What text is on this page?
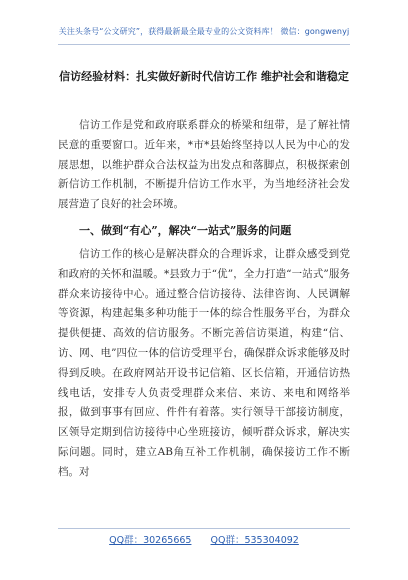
关注头条号“公文研究”，获得最新最全最专业的公文资料库！ 微信：gongwenyj
信访经验材料：扎实做好新时代信访工作 维护社会和谐稳定

信访工作是党和政府联系群众的桥梁和纽带，是了解社情民意的重要窗口。近年来，*市*县始终坚持以人民为中心的发展思想，以维护群众合法权益为出发点和落脚点，积极探索创新信访工作机制，不断提升信访工作水平，为当地经济社会发展营造了良好的社会环境。

一、做到“有心”，解决“一站式”服务的问题

信访工作的核心是解决群众的合理诉求，让群众感受到党和政府的关怀和温暖。*县致力于“优”，全力打造“一站式”服务群众来访接待中心。通过整合信访接待、法律咨询、人民调解等资源，构建起集多种功能于一体的综合性服务平台，为群众提供便捷、高效的信访服务。不断完善信访渠道，构建“信、访、网、电”四位一体的信访受理平台，确保群众诉求能够及时得到反映。在政府网站开设书记信箱、区长信箱，开通信访热线电话，安排专人负责受理群众来信、来访、来电和网络举报，做到事事有回应、件件有着落。实行领导干部接访制度，区领导定期到信访接待中心坐班接访，倾听群众诉求，解决实际问题。同时，建立AB角互补工作机制，确保接访工作不断档。对

QQ群：30265665 QQ群：535304092
